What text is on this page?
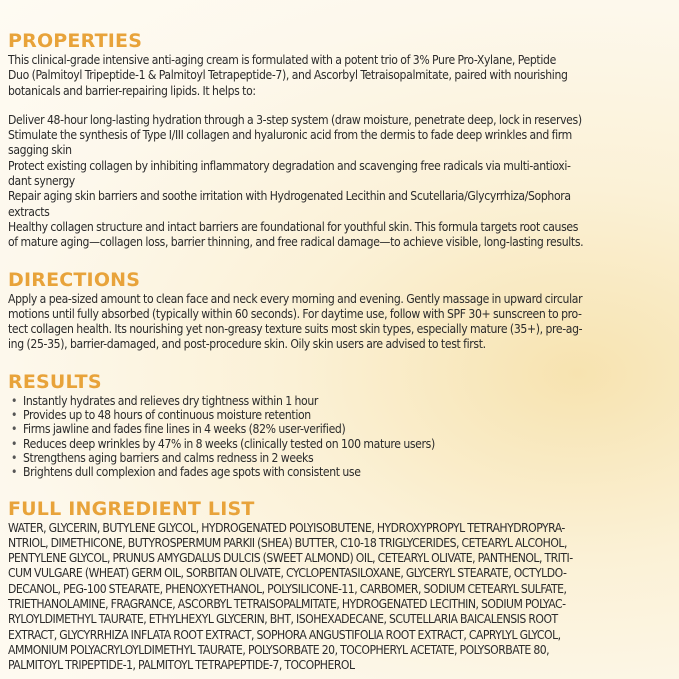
PROPERTIES

This clinical-grade intensive anti-aging cream is formulated with a potent trio of 3% Pure Pro-Xylane, Peptide
Duo (Palmitoyl Tripeptide-1 & Palmitoyl Tetrapeptide-7), and Ascorbyl Tetraisopalmitate, paired with nourishing
botanicals and barrier-repairing lipids. It helps to:

Deliver 48-hour long-lasting hydration through a 3-step system (draw moisture, penetrate deep, lock in reserves)
Stimulate the synthesis of Type I/III collagen and hyaluronic acid from the dermis to fade deep wrinkles and firm
sagging skin
Protect existing collagen by inhibiting inflammatory degradation and scavenging free radicals via multi-antioxi-
dant synergy
Repair aging skin barriers and soothe irritation with Hydrogenated Lecithin and Scutellaria/Glycyrrhiza/Sophora
extracts
Healthy collagen structure and intact barriers are foundational for youthful skin. This formula targets root causes
of mature aging—collagen loss, barrier thinning, and free radical damage—to achieve visible, long-lasting results.

DIRECTIONS

Apply a pea-sized amount to clean face and neck every morning and evening. Gently massage in upward circular
motions until fully absorbed (typically within 60 seconds). For daytime use, follow with SPF 30+ sunscreen to pro-
tect collagen health. Its nourishing yet non-greasy texture suits most skin types, especially mature (35+), pre-ag-
ing (25-35), barrier-damaged, and post-procedure skin. Oily skin users are advised to test first.

RESULTS
• Instantly hydrates and relieves dry tightness within 1 hour
• Provides up to 48 hours of continuous moisture retention
• Firms jawline and fades fine lines in 4 weeks (82% user-verified)
• Reduces deep wrinkles by 47% in 8 weeks (clinically tested on 100 mature users)
• Strengthens aging barriers and calms redness in 2 weeks
• Brightens dull complexion and fades age spots with consistent use
FULL INGREDIENT LIST

WATER, GLYCERIN, BUTYLENE GLYCOL, HYDROGENATED POLYISOBUTENE, HYDROXYPROPYL TETRAHYDROPYRA-
NTRIOL, DIMETHICONE, BUTYROSPERMUM PARKII (SHEA) BUTTER, C10-18 TRIGLYCERIDES, CETEARYL ALCOHOL,
PENTYLENE GLYCOL, PRUNUS AMYGDALUS DULCIS (SWEET ALMOND) OIL, CETEARYL OLIVATE, PANTHENOL, TRITI-
CUM VULGARE (WHEAT) GERM OIL, SORBITAN OLIVATE, CYCLOPENTASILOXANE, GLYCERYL STEARATE, OCTYLDO-
DECANOL, PEG-100 STEARATE, PHENOXYETHANOL, POLYSILICONE-11, CARBOMER, SODIUM CETEARYL SULFATE,
TRIETHANOLAMINE, FRAGRANCE, ASCORBYL TETRAISOPALMITATE, HYDROGENATED LECITHIN, SODIUM POLYAC-
RYLOYLDIMETHYL TAURATE, ETHYLHEXYL GLYCERIN, BHT, ISOHEXADECANE, SCUTELLARIA BAICALENSIS ROOT
EXTRACT, GLYCYRRHIZA INFLATA ROOT EXTRACT, SOPHORA ANGUSTIFOLIA ROOT EXTRACT, CAPRYLYL GLYCOL,
AMMONIUM POLYACRYLOYLDIMETHYL TAURATE, POLYSORBATE 20, TOCOPHERYL ACETATE, POLYSORBATE 80,
PALMITOYL TRIPEPTIDE-1, PALMITOYL TETRAPEPTIDE-7, TOCOPHEROL
